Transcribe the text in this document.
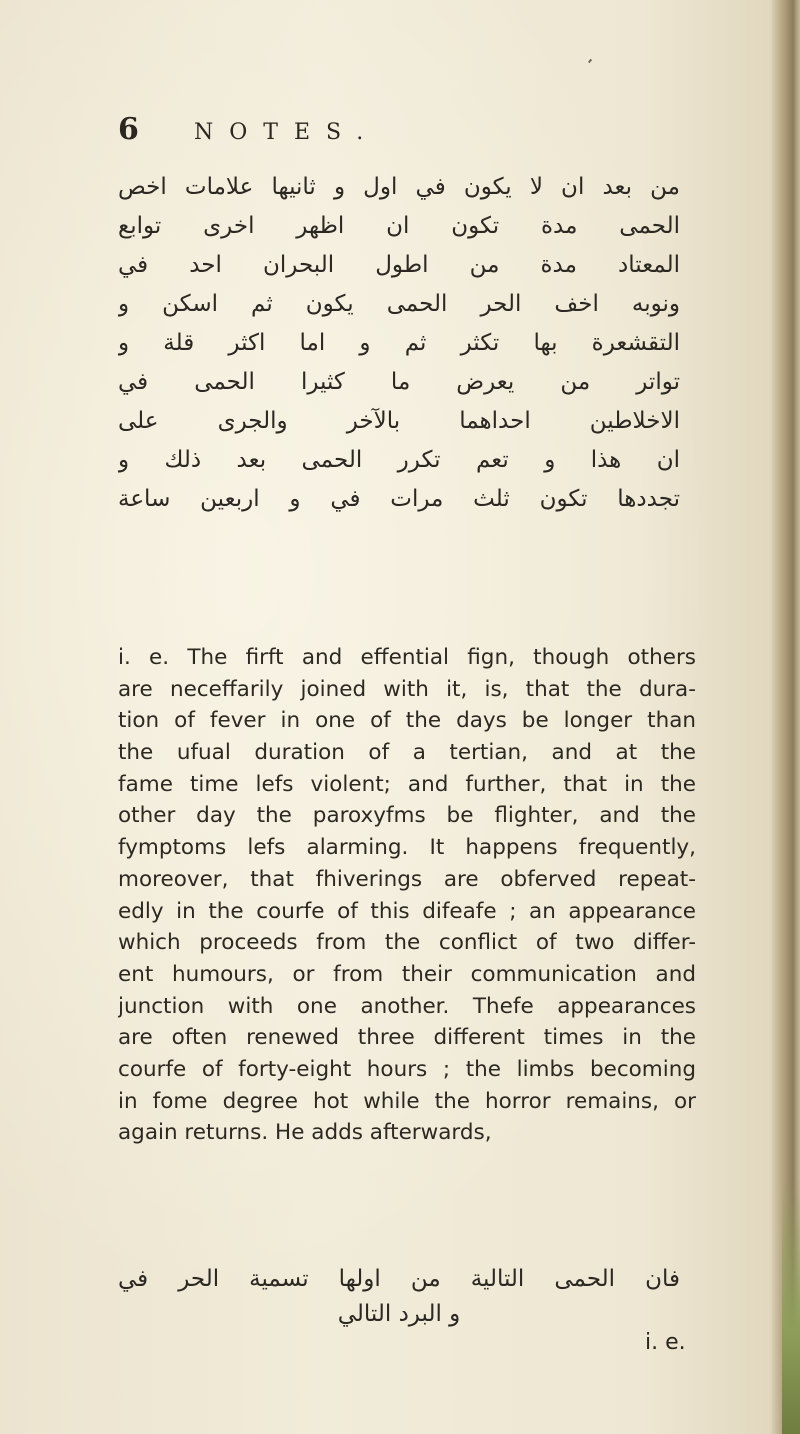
6	NOTES.
من بعد ان لا يكون في اول و ثانيها علامات اخص
الحمى مدة تكون ان اظهر اخرى توابع
المعتاد مدة من اطول البحران احد في
ونوبه اخف الحر الحمى يكون ثم اسكن و
التقشعرة بها تكثر ثم و اما اكثر قلة و
تواتر من يعرض ما كثيرا الحمى في
الاخلاطين احداهما بالآخر والجرى على
ان هذا و تعم تكرر الحمى بعد ذلك و
تجددها تكون ثلث مرات في و اربعين ساعة
i. e. The firft and effential fign, though others
are neceffarily joined with it, is, that the dura-
tion of fever in one of the days be longer than
the ufual duration of a tertian, and at the
fame time lefs violent; and further, that in the
other day the paroxyfms be flighter, and the
fymptoms lefs alarming. It happens frequently,
moreover, that fhiverings are obferved repeat-
edly in the courfe of this difeafe ; an appearance
which proceeds from the conflict of two differ-
ent humours, or from their communication and
junction with one another. Thefe appearances
are often renewed three different times in the
courfe of forty-eight hours ; the limbs becoming
in fome degree hot while the horror remains, or
again returns. He adds afterwards,
فان الحمى التالية من اولها تسمية الحر في
و البرد التالي
i. e.
